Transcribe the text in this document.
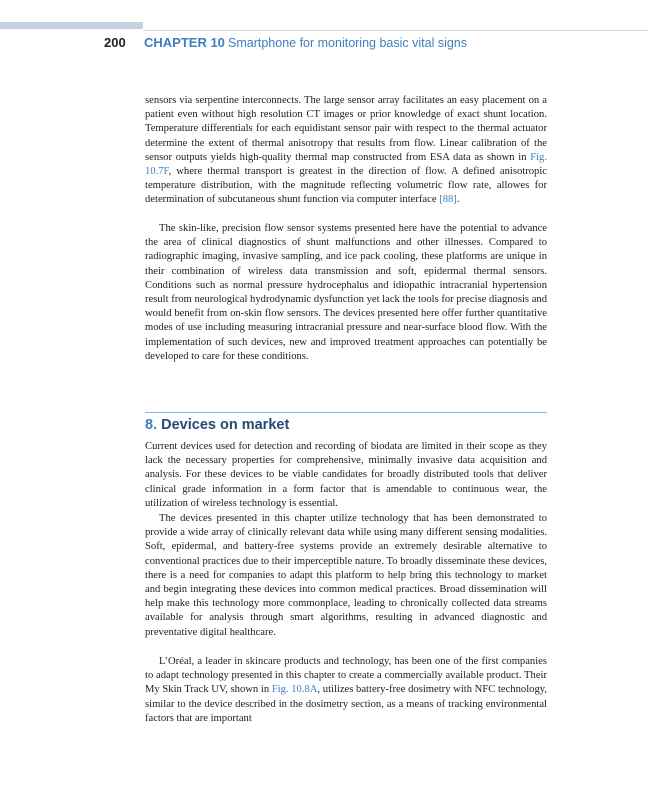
200 CHAPTER 10 Smartphone for monitoring basic vital signs

sensors via serpentine interconnects. The large sensor array facilitates an easy placement on a patient even without high resolution CT images or prior knowledge of exact shunt location. Temperature differentials for each equidistant sensor pair with respect to the thermal actuator determine the extent of thermal anisotropy that results from flow. Linear calibration of the sensor outputs yields high-quality thermal map constructed from ESA data as shown in Fig. 10.7F, where thermal transport is greatest in the direction of flow. A defined anisotropic temperature distribution, with the magnitude reflecting volumetric flow rate, allowes for determination of subcutaneous shunt function via computer interface [88].

The skin-like, precision flow sensor systems presented here have the potential to advance the area of clinical diagnostics of shunt malfunctions and other illnesses. Compared to radiographic imaging, invasive sampling, and ice pack cooling, these platforms are unique in their combination of wireless data transmission and soft, epidermal thermal sensors. Conditions such as normal pressure hydrocephalus and idiopathic intracranial hypertension result from neurological hydrodynamic dysfunction yet lack the tools for precise diagnosis and would benefit from on-skin flow sensors. The devices presented here offer further quantitative modes of use including measuring intracranial pressure and near-surface blood flow. With the implementation of such devices, new and improved treatment approaches can potentially be developed to care for these conditions.

8. Devices on market

Current devices used for detection and recording of biodata are limited in their scope as they lack the necessary properties for comprehensive, minimally invasive data acquisition and analysis. For these devices to be viable candidates for broadly distributed tools that deliver clinical grade information in a form factor that is amendable to continuous wear, the utilization of wireless technology is essential.

The devices presented in this chapter utilize technology that has been demonstrated to provide a wide array of clinically relevant data while using many different sensing modalities. Soft, epidermal, and battery-free systems provide an extremely desirable alternative to conventional practices due to their imperceptible nature. To broadly disseminate these devices, there is a need for companies to adapt this platform to help bring this technology to market and begin integrating these devices into common medical practices. Broad dissemination will help make this technology more commonplace, leading to chronically collected data streams available for analysis through smart algorithms, resulting in advanced diagnostic and preventative digital healthcare.

L’Oréal, a leader in skincare products and technology, has been one of the first companies to adapt technology presented in this chapter to create a commercially available product. Their My Skin Track UV, shown in Fig. 10.8A, utilizes battery-free dosimetry with NFC technology, similar to the device described in the dosimetry section, as a means of tracking environmental factors that are important
